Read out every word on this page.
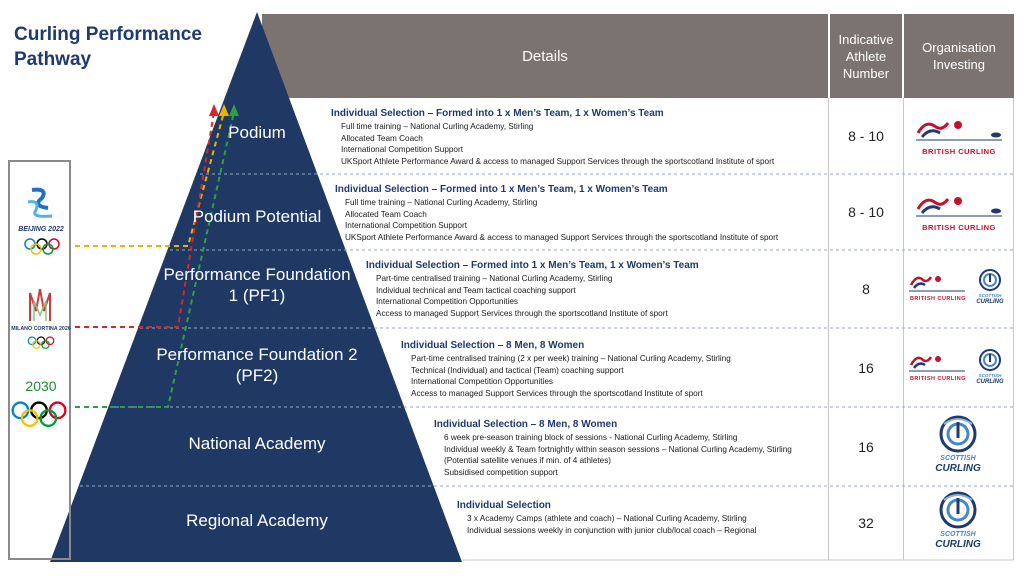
Curling Performance Pathway	Details
Indicative Athlete Number
Organisation Investing
BEIJING 2022
MILANO CORTINA 2026
2030
Podium
Podium Potential
Performance Foundation 1 (PF1)
Performance Foundation 2 (PF2)
National Academy
Regional Academy
Individual Selection – Formed into 1 x Men’s Team, 1 x Women’s Team
Full time training – National Curling Academy, Stirling
Allocated Team Coach
International Competition Support
UKSport Athlete Performance Award & access to managed Support Services through the sportscotland Institute of sport
Individual Selection – Formed into 1 x Men’s Team, 1 x Women’s Team
Full time training – National Curling Academy, Stirling
Allocated Team Coach
International Competition Support
UKSport Athlete Performance Award & access to managed Support Services through the sportscotland Institute of sport
Individual Selection – Formed into 1 x Men’s Team, 1 x Women’s Team
Part-time centralised training – National Curling Academy, Stirling
Individual technical and Team tactical coaching support
International Competition Opportunities
Access to managed Support Services through the sportscotland Institute of sport
Individual Selection – 8 Men, 8 Women
Part-time centralised training (2 x per week) training – National Curling Academy, Stirling
Technical (Individual) and tactical (Team) coaching support
International Competition Opportunities
Access to managed Support Services through the sportscotland Institute of sport
Individual Selection – 8 Men, 8 Women
6 week pre-season training block of sessions - National Curling Academy, Stirling
Individual weekly & Team fortnightly within season sessions – National Curling Academy, Stirling
(Potential satellite venues if min. of 4 athletes)
Subsidised competition support
Individual Selection
3 x Academy Camps (athlete and coach) – National Curling Academy, Stirling
Individual sessions weekly in conjunction with junior club/local coach – Regional
8 - 10
8 - 10
8
16
16
32
BRITISH CURLING
BRITISH CURLING
BRITISH CURLING
SCOTTISH
CURLING
BRITISH CURLING
SCOTTISH
CURLING
SCOTTISH
CURLING
SCOTTISH
CURLING
